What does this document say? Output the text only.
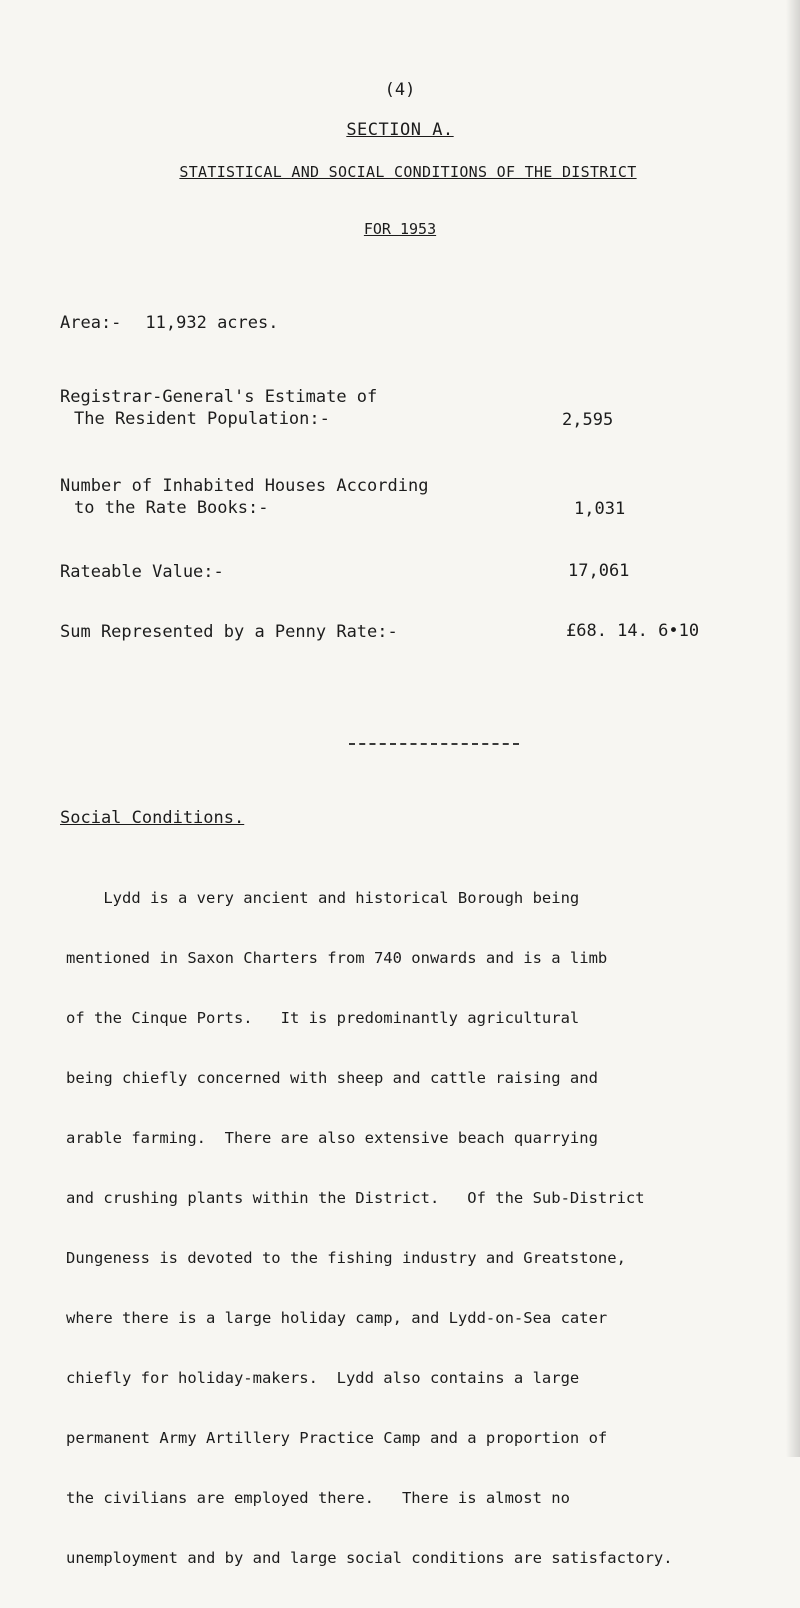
(4)
SECTION A.
STATISTICAL AND SOCIAL CONDITIONS OF THE DISTRICT
FOR 1953
Area:- 11,932 acres.
Registrar-General's Estimate of
The Resident Population:-	2,595
Number of Inhabited Houses According
to the Rate Books:-	1,031
Rateable Value:-	17,061
Sum Represented by a Penny Rate:-	£68. 14. 6•10
Social Conditions.

Lydd is a very ancient and historical Borough being

mentioned in Saxon Charters from 740 onwards and is a limb

of the Cinque Ports.   It is predominantly agricultural

being chiefly concerned with sheep and cattle raising and

arable farming.  There are also extensive beach quarrying

and crushing plants within the District.   Of the Sub-District

Dungeness is devoted to the fishing industry and Greatstone,

where there is a large holiday camp, and Lydd-on-Sea cater

chiefly for holiday-makers.  Lydd also contains a large

permanent Army Artillery Practice Camp and a proportion of

the civilians are employed there.   There is almost no

unemployment and by and large social conditions are satisfactory.
